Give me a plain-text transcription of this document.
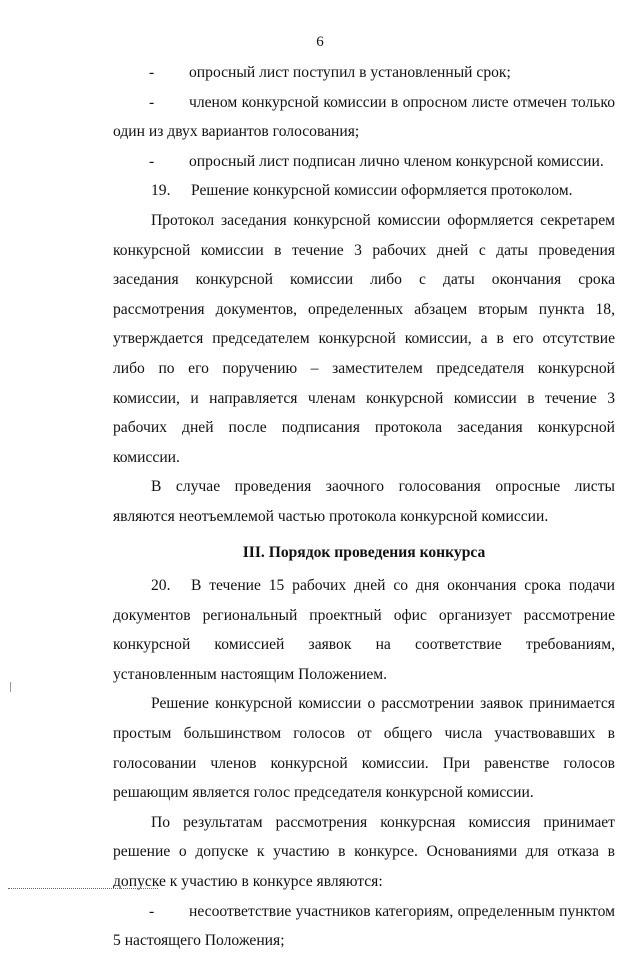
6

- опросный лист поступил в установленный срок;

- членом конкурсной комиссии в опросном листе отмечен только один из двух вариантов голосования;

- опросный лист подписан лично членом конкурсной комиссии.

19. Решение конкурсной комиссии оформляется протоколом.

Протокол заседания конкурсной комиссии оформляется секретарем конкурсной комиссии в течение 3 рабочих дней с даты проведения заседания конкурсной комиссии либо с даты окончания срока рассмотрения документов, определенных абзацем вторым пункта 18, утверждается председателем конкурсной комиссии, а в его отсутствие либо по его поручению – заместителем председателя конкурсной комиссии, и направляется членам конкурсной комиссии в течение 3 рабочих дней после подписания протокола заседания конкурсной комиссии.

В случае проведения заочного голосования опросные листы являются неотъемлемой частью протокола конкурсной комиссии.

III. Порядок проведения конкурса

20. В течение 15 рабочих дней со дня окончания срока подачи документов региональный проектный офис организует рассмотрение конкурсной комиссией заявок на соответствие требованиям, установленным настоящим Положением.

Решение конкурсной комиссии о рассмотрении заявок принимается простым большинством голосов от общего числа участвовавших в голосовании членов конкурсной комиссии. При равенстве голосов решающим является голос председателя конкурсной комиссии.

По результатам рассмотрения конкурсная комиссия принимает решение о допуске к участию в конкурсе. Основаниями для отказа в допуске к участию в конкурсе являются:

- несоответствие участников категориям, определенным пунктом 5 настоящего Положения;
